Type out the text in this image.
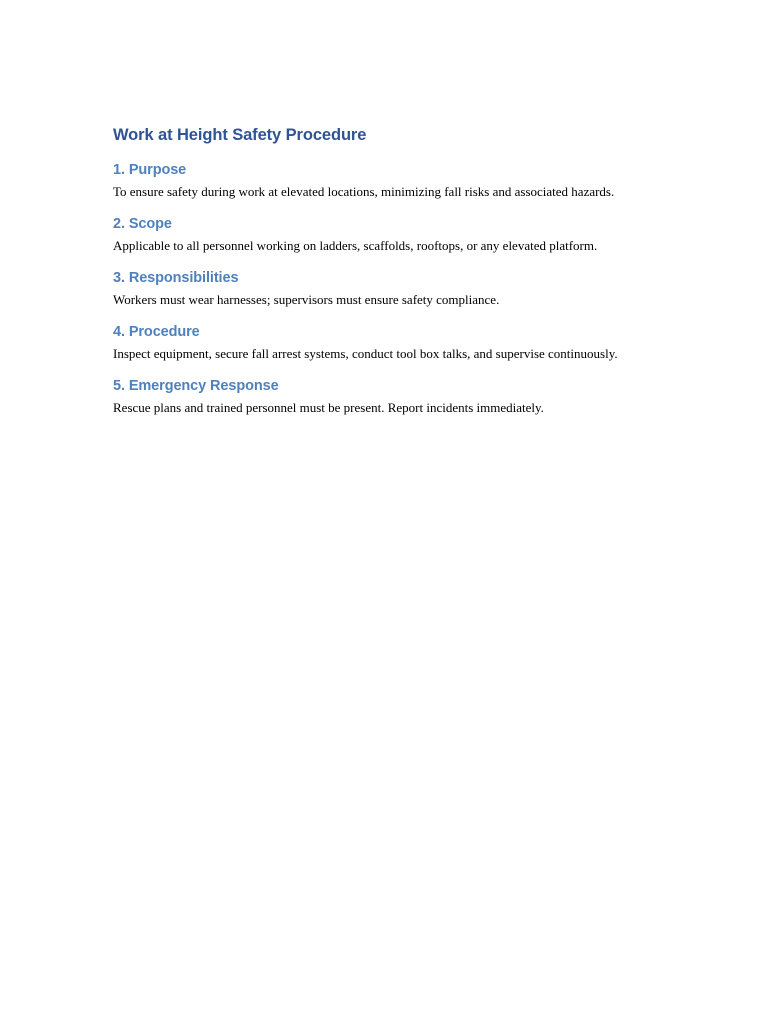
Work at Height Safety Procedure
1. Purpose

To ensure safety during work at elevated locations, minimizing fall risks and associated hazards.

2. Scope

Applicable to all personnel working on ladders, scaffolds, rooftops, or any elevated platform.

3. Responsibilities

Workers must wear harnesses; supervisors must ensure safety compliance.

4. Procedure

Inspect equipment, secure fall arrest systems, conduct tool box talks, and supervise continuously.

5. Emergency Response

Rescue plans and trained personnel must be present. Report incidents immediately.
